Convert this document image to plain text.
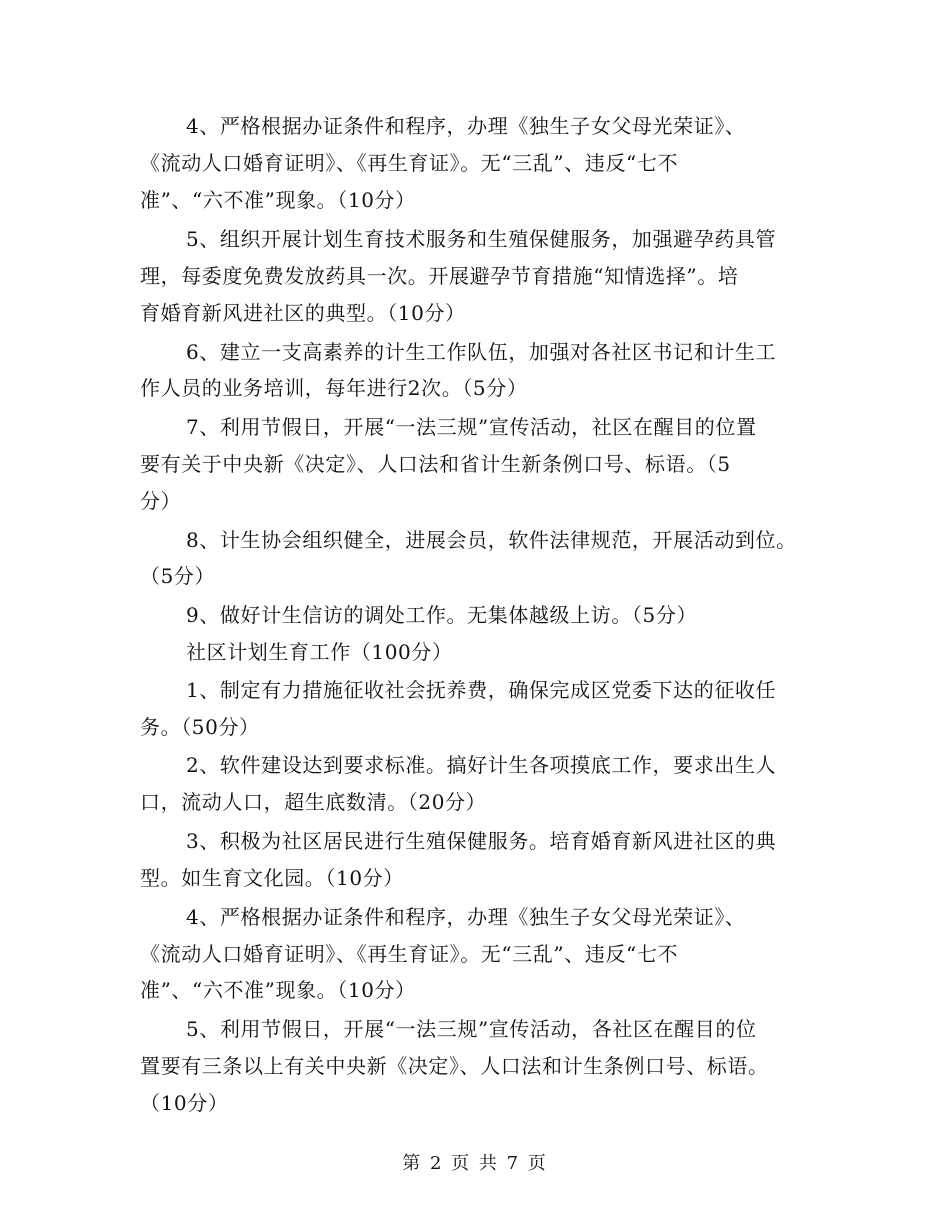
4、严格根据办证条件和程序，办理《独生子女父母光荣证》、
《流动人口婚育证明》、《再生育证》。无“三乱”、违反“七不
准”、“六不准”现象。（10分）
5、组织开展计划生育技术服务和生殖保健服务，加强避孕药具管
理，每委度免费发放药具一次。开展避孕节育措施“知情选择”。培
育婚育新风进社区的典型。（10分）
6、建立一支高素养的计生工作队伍，加强对各社区书记和计生工
作人员的业务培训，每年进行2次。（5分）
7、利用节假日，开展“一法三规”宣传活动，社区在醒目的位置
要有关于中央新《决定》、人口法和省计生新条例口号、标语。（5
分）
8、计生协会组织健全，进展会员，软件法律规范，开展活动到位。
（5分）
9、做好计生信访的调处工作。无集体越级上访。（5分）
社区计划生育工作（100分）
1、制定有力措施征收社会抚养费，确保完成区党委下达的征收任
务。（50分）
2、软件建设达到要求标准。搞好计生各项摸底工作，要求出生人
口，流动人口，超生底数清。（20分）
3、积极为社区居民进行生殖保健服务。培育婚育新风进社区的典
型。如生育文化园。（10分）
4、严格根据办证条件和程序，办理《独生子女父母光荣证》、
《流动人口婚育证明》、《再生育证》。无“三乱”、违反“七不
准”、“六不准”现象。（10分）
5、利用节假日，开展“一法三规”宣传活动，各社区在醒目的位
置要有三条以上有关中央新《决定》、人口法和计生条例口号、标语。
（10分）
第 2 页 共 7 页
